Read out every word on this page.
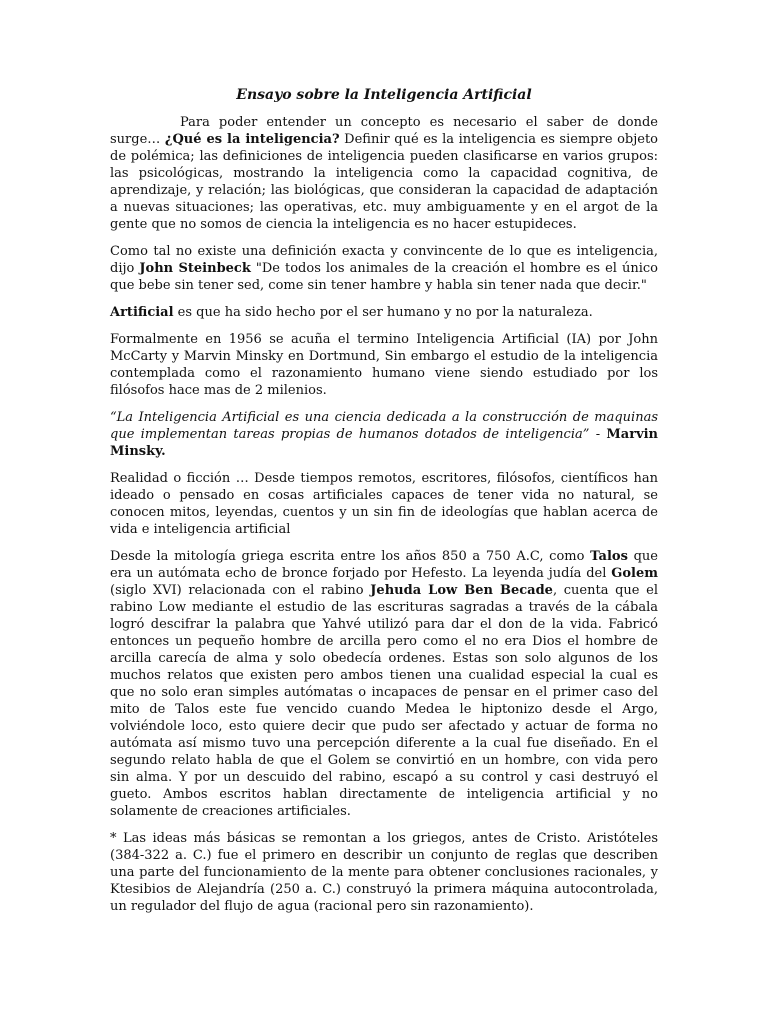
Ensayo sobre la Inteligencia Artificial

Para poder entender un concepto es necesario el saber de donde surge… ¿Qué es la inteligencia? Definir qué es la inteligencia es siempre objeto de polémica; las definiciones de inteligencia pueden clasificarse en varios grupos: las psicológicas, mostrando la inteligencia como la capacidad cognitiva, de aprendizaje, y relación; las biológicas, que consideran la capacidad de adaptación a nuevas situaciones; las operativas, etc. muy ambiguamente y en el argot de la gente que no somos de ciencia la inteligencia es no hacer estupideces.

Como tal no existe una definición exacta y convincente de lo que es inteligencia, dijo John Steinbeck "De todos los animales de la creación el hombre es el único que bebe sin tener sed, come sin tener hambre y habla sin tener nada que decir."

Artificial es que ha sido hecho por el ser humano y no por la naturaleza.

Formalmente en 1956 se acuña el termino Inteligencia Artificial (IA) por John McCarty y Marvin Minsky en Dortmund, Sin embargo el estudio de la inteligencia contemplada como el razonamiento humano viene siendo estudiado por los filósofos hace mas de 2 milenios.

“La Inteligencia Artificial es una ciencia dedicada a la construcción de maquinas que implementan tareas propias de humanos dotados de inteligencia” - Marvin Minsky.

Realidad o ficción … Desde tiempos remotos, escritores, filósofos, científicos han ideado o pensado en cosas artificiales capaces de tener vida no natural, se conocen mitos, leyendas, cuentos y un sin fin de ideologías que hablan acerca de vida e inteligencia artificial

Desde la mitología griega escrita entre los años 850 a 750 A.C, como Talos que era un autómata echo de bronce forjado por Hefesto. La leyenda judía del Golem (siglo XVI) relacionada con el rabino Jehuda Low Ben Becade, cuenta que el rabino Low mediante el estudio de las escrituras sagradas a través de la cábala logró descifrar la palabra que Yahvé utilizó para dar el don de la vida. Fabricó entonces un pequeño hombre de arcilla pero como el no era Dios el hombre de arcilla carecía de alma y solo obedecía ordenes. Estas son solo algunos de los muchos relatos que existen pero ambos tienen una cualidad especial la cual es que no solo eran simples autómatas o incapaces de pensar en el primer caso del mito de Talos este fue vencido cuando Medea le hiptonizo desde el Argo, volviéndole loco, esto quiere decir que pudo ser afectado y actuar de forma no autómata así mismo tuvo una percepción diferente a la cual fue diseñado. En el segundo relato habla de que el Golem se convirtió en un hombre, con vida pero sin alma. Y por un descuido del rabino, escapó a su control y casi destruyó el gueto. Ambos escritos hablan directamente de inteligencia artificial y no solamente de creaciones artificiales.

* Las ideas más básicas se remontan a los griegos, antes de Cristo. Aristóteles (384-322 a. C.) fue el primero en describir un conjunto de reglas que describen una parte del funcionamiento de la mente para obtener conclusiones racionales, y Ktesibios de Alejandría (250 a. C.) construyó la primera máquina autocontrolada, un regulador del flujo de agua (racional pero sin razonamiento).
